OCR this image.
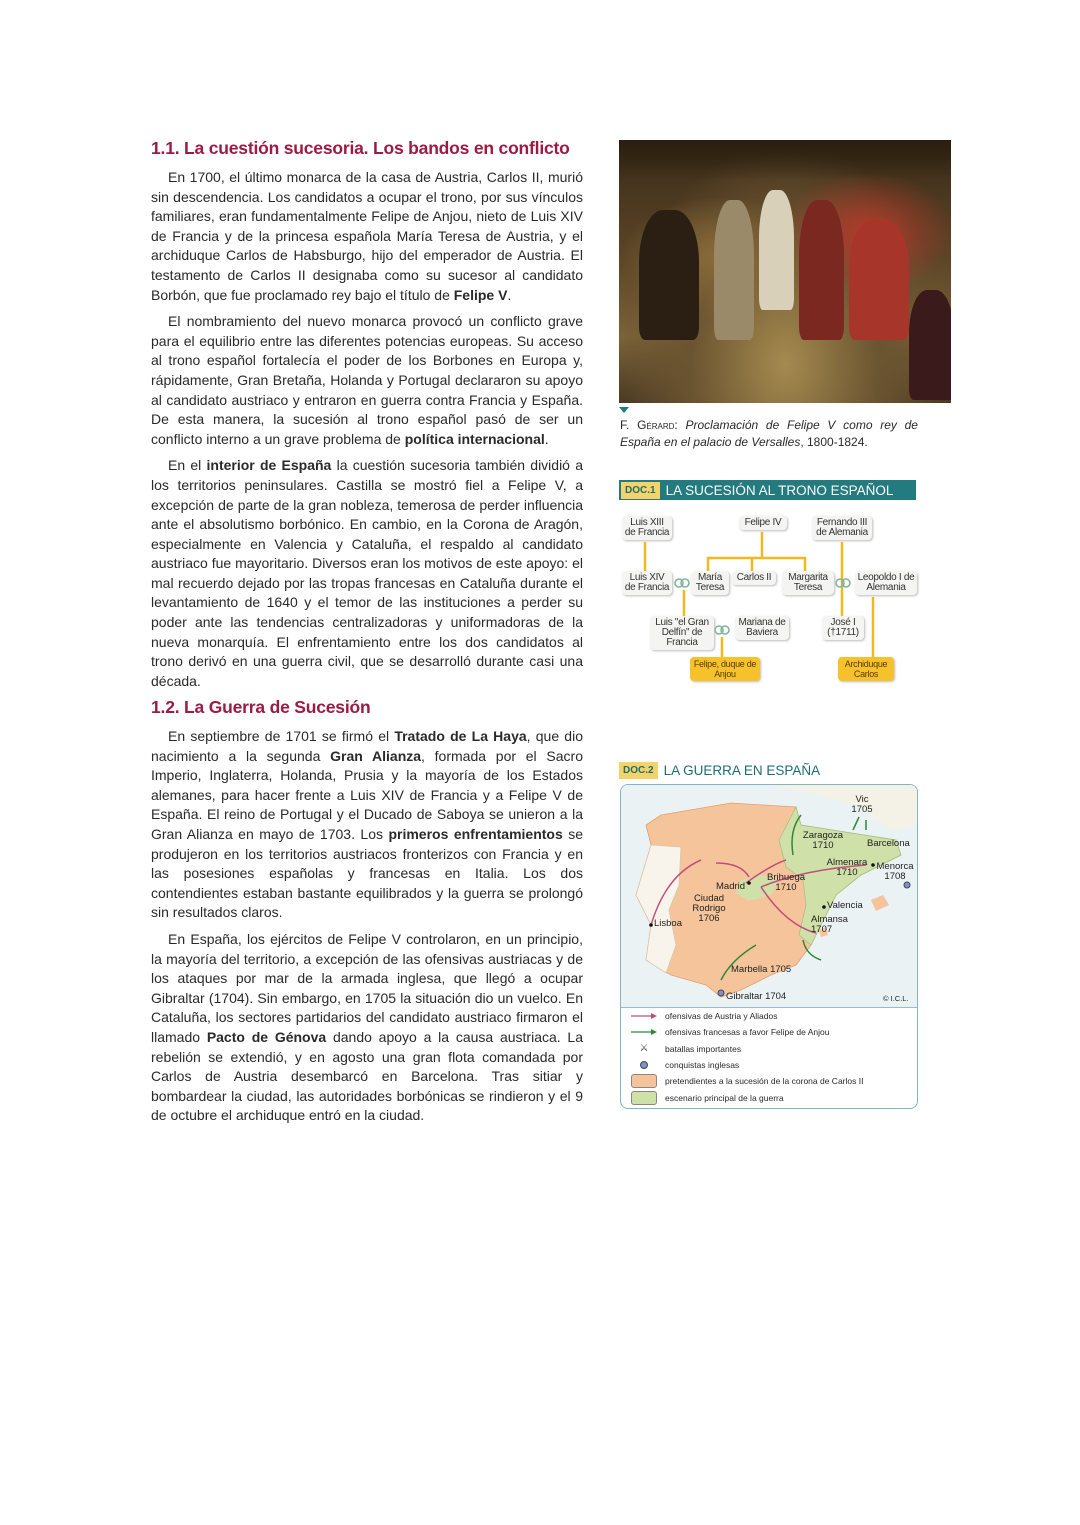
1.1. La cuestión sucesoria. Los bandos en conflicto

En 1700, el último monarca de la casa de Austria, Carlos II, murió sin descendencia. Los candidatos a ocupar el trono, por sus vínculos familiares, eran fundamentalmente Felipe de Anjou, nieto de Luis XIV de Francia y de la princesa española María Teresa de Austria, y el archiduque Carlos de Habsburgo, hijo del emperador de Austria. El testamento de Carlos II designaba como su sucesor al candidato Borbón, que fue proclamado rey bajo el título de Felipe V.

El nombramiento del nuevo monarca provocó un conflicto grave para el equilibrio entre las diferentes potencias europeas. Su acceso al trono español fortalecía el poder de los Borbones en Europa y, rápidamente, Gran Bretaña, Holanda y Portugal declararon su apoyo al candidato austriaco y entraron en guerra contra Francia y España. De esta manera, la sucesión al trono español pasó de ser un conflicto interno a un grave problema de política internacional.

En el interior de España la cuestión sucesoria también dividió a los territorios peninsulares. Castilla se mostró fiel a Felipe V, a excepción de parte de la gran nobleza, temerosa de perder influencia ante el absolutismo borbónico. En cambio, en la Corona de Aragón, especialmente en Valencia y Cataluña, el respaldo al candidato austriaco fue mayoritario. Diversos eran los motivos de este apoyo: el mal recuerdo dejado por las tropas francesas en Cataluña durante el levantamiento de 1640 y el temor de las instituciones a perder su poder ante las tendencias centralizadoras y uniformadoras de la nueva monarquía. El enfrentamiento entre los dos candidatos al trono derivó en una guerra civil, que se desarrolló durante casi una década.

1.2. La Guerra de Sucesión

En septiembre de 1701 se firmó el Tratado de La Haya, que dio nacimiento a la segunda Gran Alianza, formada por el Sacro Imperio, Inglaterra, Holanda, Prusia y la mayoría de los Estados alemanes, para hacer frente a Luis XIV de Francia y a Felipe V de España. El reino de Portugal y el Ducado de Saboya se unieron a la Gran Alianza en mayo de 1703. Los primeros enfrentamientos se produjeron en los territorios austriacos fronterizos con Francia y en las posesiones españolas y francesas en Italia. Los dos contendientes estaban bastante equilibrados y la guerra se prolongó sin resultados claros.

En España, los ejércitos de Felipe V controlaron, en un principio, la mayoría del territorio, a excepción de las ofensivas austriacas y de los ataques por mar de la armada inglesa, que llegó a ocupar Gibraltar (1704). Sin embargo, en 1705 la situación dio un vuelco. En Cataluña, los sectores partidarios del candidato austriaco firmaron el llamado Pacto de Génova dando apoyo a la causa austriaca. La rebelión se extendió, y en agosto una gran flota comandada por Carlos de Austria desembarcó en Barcelona. Tras sitiar y bombardear la ciudad, las autoridades borbónicas se rindieron y el 9 de octubre el archiduque entró en la ciudad.

F. Gérard: Proclamación de Felipe V como rey de España en el palacio de Versalles, 1800-1824.
DOC.1 LA SUCESIÓN AL TRONO ESPAÑOL
Luis XIII de Francia
Felipe IV	Fernando III de Alemania
Luis XIV de Francia
María Teresa
Carlos II	Margarita Teresa
Leopoldo I de Alemania
Luis "el Gran Delfín" de Francia
Mariana de Baviera
José I (†1711)
Felipe, duque de Anjou
Archiduque Carlos
DOC.2 LA GUERRA EN ESPAÑA
Vic 1705
Zaragoza 1710	Barcelona
Almenara 1710
Menorca 1708
Madrid
Brihuega 1710
Ciudad Rodrigo 1706
Lisboa
Valencia
Almansa 1707
Marbella 1705
Gibraltar 1704	© I.C.L.
ofensivas de Austria y Aliados
ofensivas francesas a favor Felipe de Anjou
⚔ batallas importantes
conquistas inglesas
pretendientes a la sucesión de la corona de Carlos II
escenario principal de la guerra
